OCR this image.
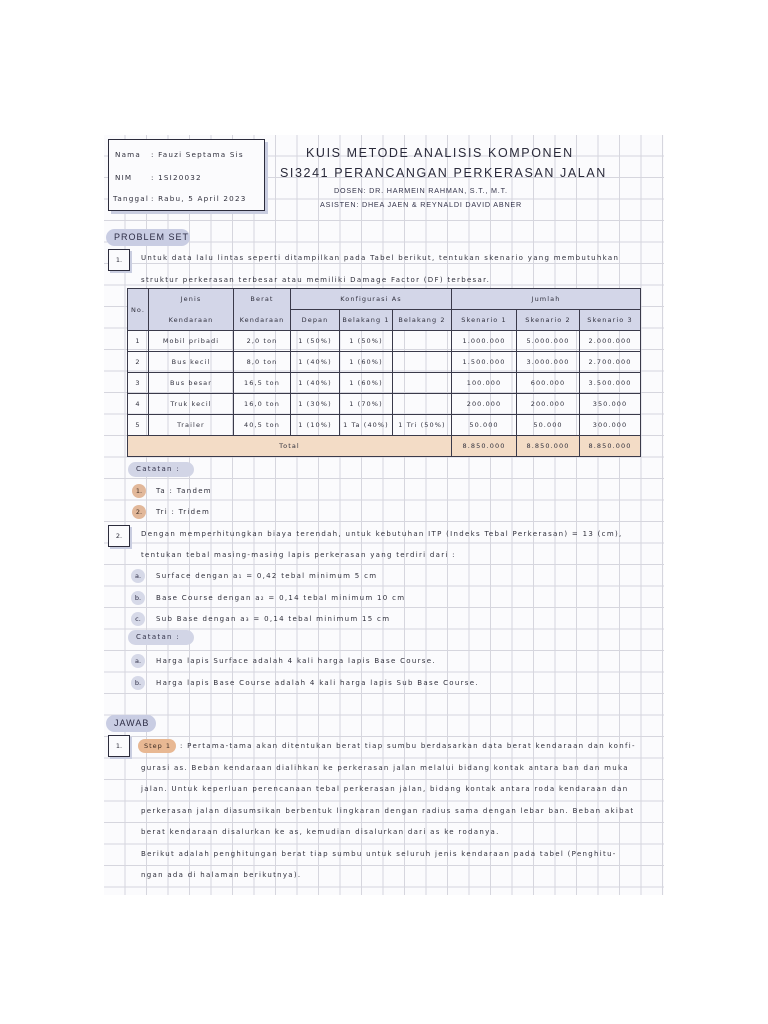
Nama : Fauzi Septama Sis
NIM	: 1SI20032
Tanggal : Rabu, 5 April 2023
KUIS METODE ANALISIS KOMPONEN
SI3241 PERANCANGAN PERKERASAN JALAN
DOSEN: DR. HARMEIN RAHMAN, S.T., M.T.
ASISTEN: DHEA JAEN & REYNALDI DAVID ABNER
PROBLEM SET
1.	Untuk data lalu lintas seperti ditampilkan pada Tabel berikut, tentukan skenario yang membutuhkan
struktur perkerasan terbesar atau memiliki Damage Factor (DF) terbesar.
No.	Jenis	Berat	Konfigurasi As			Jumlah		
	Kendaraan	Kendaraan	Depan	Belakang 1	Belakang 2	Skenario 1	Skenario 2	Skenario 3
1	Mobil pribadi	2,0 ton	1 (50%)	1 (50%)		1.000.000	5.000.000	2.000.000
2	Bus kecil	8,0 ton	1 (40%)	1 (60%)		1.500.000	3.000.000	2.700.000
3	Bus besar	16,5 ton	1 (40%)	1 (60%)		100.000	600.000	3.500.000
4	Truk kecil	16,0 ton	1 (30%)	1 (70%)		200.000	200.000	350.000
5	Trailer	40,5 ton	1 (10%)	1 Ta (40%)	1 Tri (50%)	50.000	50.000	300.000
Total						8.850.000	8.850.000	8.850.000
Catatan :
1.	Ta : Tandem
2.	Tri : Tridem
2.	Dengan memperhitungkan biaya terendah, untuk kebutuhan ITP (Indeks Tebal Perkerasan) = 13 (cm),
tentukan tebal masing-masing lapis perkerasan yang terdiri dari :
a.	Surface dengan a₁ = 0,42 tebal minimum 5 cm
b.	Base Course dengan a₂ = 0,14 tebal minimum 10 cm
c.	Sub Base dengan a₃ = 0,14 tebal minimum 15 cm
Catatan :
a.	Harga lapis Surface adalah 4 kali harga lapis Base Course.
b.	Harga lapis Base Course adalah 4 kali harga lapis Sub Base Course.
JAWAB
1.	Step 1	: Pertama-tama akan ditentukan berat tiap sumbu berdasarkan data berat kendaraan dan konfi-
gurasi as. Beban kendaraan dialihkan ke perkerasan jalan melalui bidang kontak antara ban dan muka
jalan. Untuk keperluan perencanaan tebal perkerasan jalan, bidang kontak antara roda kendaraan dan
perkerasan jalan diasumsikan berbentuk lingkaran dengan radius sama dengan lebar ban. Beban akibat
berat kendaraan disalurkan ke as, kemudian disalurkan dari as ke rodanya.
Berikut adalah penghitungan berat tiap sumbu untuk seluruh jenis kendaraan pada tabel (Penghitu-
ngan ada di halaman berikutnya).
